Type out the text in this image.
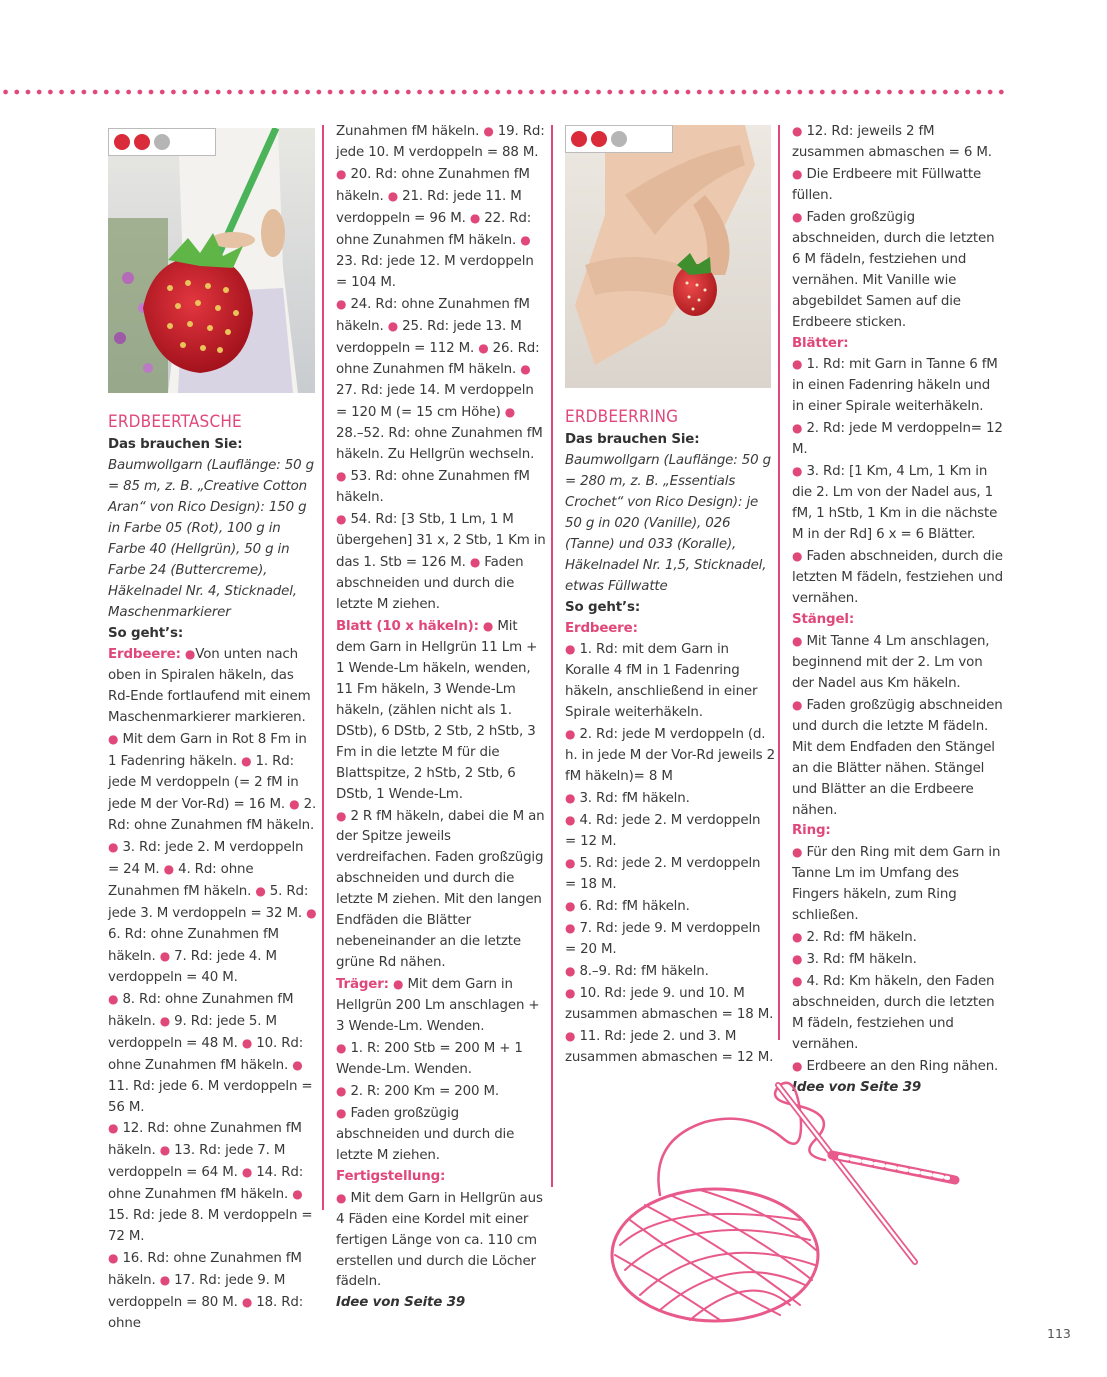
ERDBEERTASCHE

Das brauchen Sie:

Baumwollgarn (Lauflänge: 50 g = 85 m, z. B. „Creative Cotton Aran“ von Rico Design): 150 g in Farbe 05 (Rot), 100 g in Farbe 40 (Hellgrün), 50 g in Farbe 24 (Buttercreme), Häkelnadel Nr. 4, Sticknadel, Maschenmarkierer

So geht’s:

Erdbeere: ●Von unten nach oben in Spiralen häkeln, das Rd-Ende fortlaufend mit einem Maschenmarkierer markieren.

● Mit dem Garn in Rot 8 Fm in 1 Fadenring häkeln. ● 1. Rd: jede M verdoppeln (= 2 fM in jede M der Vor-Rd) = 16 M. ● 2. Rd: ohne Zunahmen fM häkeln.

● 3. Rd: jede 2. M verdoppeln = 24 M. ● 4. Rd: ohne Zunahmen fM häkeln. ● 5. Rd: jede 3. M verdoppeln = 32 M. ● 6. Rd: ohne Zunahmen fM häkeln. ● 7. Rd: jede 4. M verdoppeln = 40 M.

● 8. Rd: ohne Zunahmen fM häkeln. ● 9. Rd: jede 5. M verdoppeln = 48 M. ● 10. Rd: ohne Zunahmen fM häkeln. ● 11. Rd: jede 6. M verdoppeln = 56 M.

● 12. Rd: ohne Zunahmen fM häkeln. ● 13. Rd: jede 7. M verdoppeln = 64 M. ● 14. Rd: ohne Zunahmen fM häkeln. ● 15. Rd: jede 8. M verdoppeln = 72 M.

● 16. Rd: ohne Zunahmen fM häkeln. ● 17. Rd: jede 9. M verdoppeln = 80 M. ● 18. Rd: ohne

Zunahmen fM häkeln. ● 19. Rd: jede 10. M verdoppeln = 88 M. ● 20. Rd: ohne Zunahmen fM häkeln. ● 21. Rd: jede 11. M verdoppeln = 96 M. ● 22. Rd: ohne Zunahmen fM häkeln. ● 23. Rd: jede 12. M verdoppeln = 104 M.

● 24. Rd: ohne Zunahmen fM häkeln. ● 25. Rd: jede 13. M verdoppeln = 112 M. ● 26. Rd: ohne Zunahmen fM häkeln. ● 27. Rd: jede 14. M verdoppeln = 120 M (= 15 cm Höhe) ● 28.–52. Rd: ohne Zunahmen fM häkeln. Zu Hellgrün wechseln. ● 53. Rd: ohne Zunahmen fM häkeln.

● 54. Rd: [3 Stb, 1 Lm, 1 M übergehen] 31 x, 2 Stb, 1 Km in das 1. Stb = 126 M. ● Faden abschneiden und durch die letzte M ziehen.

Blatt (10 x häkeln): ● Mit dem Garn in Hellgrün 11 Lm + 1 Wende-Lm häkeln, wenden, 11 Fm häkeln, 3 Wende-Lm häkeln, (zählen nicht als 1. DStb), 6 DStb, 2 Stb, 2 hStb, 3 Fm in die letzte M für die Blattspitze, 2 hStb, 2 Stb, 6 DStb, 1 Wende-Lm.

● 2 R fM häkeln, dabei die M an der Spitze jeweils verdreifachen. Faden großzügig abschneiden und durch die letzte M ziehen. Mit den langen Endfäden die Blätter nebeneinander an die letzte grüne Rd nähen.

Träger: ● Mit dem Garn in Hellgrün 200 Lm anschlagen + 3 Wende-Lm. Wenden.

● 1. R: 200 Stb = 200 M + 1 Wende-Lm. Wenden.

● 2. R: 200 Km = 200 M.

● Faden großzügig abschneiden und durch die letzte M ziehen.

Fertigstellung:

● Mit dem Garn in Hellgrün aus 4 Fäden eine Kordel mit einer fertigen Länge von ca. 110 cm erstellen und durch die Löcher fädeln.

Idee von Seite 39

ERDBEERRING

Das brauchen Sie:

Baumwollgarn (Lauflänge: 50 g = 280 m, z. B. „Essentials Crochet“ von Rico Design): je 50 g in 020 (Vanille), 026 (Tanne) und 033 (Koralle), Häkelnadel Nr. 1,5, Sticknadel, etwas Füllwatte

So geht’s:

Erdbeere:

● 1. Rd: mit dem Garn in Koralle 4 fM in 1 Fadenring häkeln, anschließend in einer Spirale weiterhäkeln.

● 2. Rd: jede M verdoppeln (d. h. in jede M der Vor-Rd jeweils 2 fM häkeln)= 8 M

● 3. Rd: fM häkeln.

● 4. Rd: jede 2. M verdoppeln = 12 M.

● 5. Rd: jede 2. M verdoppeln = 18 M.

● 6. Rd: fM häkeln.

● 7. Rd: jede 9. M verdoppeln = 20 M.

● 8.–9. Rd: fM häkeln.

● 10. Rd: jede 9. und 10. M zusammen abmaschen = 18 M.

● 11. Rd: jede 2. und 3. M zusammen abmaschen = 12 M.

● 12. Rd: jeweils 2 fM zusammen abmaschen = 6 M.

● Die Erdbeere mit Füllwatte füllen.

● Faden großzügig abschneiden, durch die letzten 6 M fädeln, festziehen und vernähen. Mit Vanille wie abgebildet Samen auf die Erdbeere sticken.

Blätter:

● 1. Rd: mit Garn in Tanne 6 fM in einen Fadenring häkeln und in einer Spirale weiterhäkeln.

● 2. Rd: jede M verdoppeln= 12 M.

● 3. Rd: [1 Km, 4 Lm, 1 Km in die 2. Lm von der Nadel aus, 1 fM, 1 hStb, 1 Km in die nächste M in der Rd] 6 x = 6 Blätter.

● Faden abschneiden, durch die letzten M fädeln, festziehen und vernähen.

Stängel:

● Mit Tanne 4 Lm anschlagen, beginnend mit der 2. Lm von der Nadel aus Km häkeln.

● Faden großzügig abschneiden und durch die letzte M fädeln. Mit dem Endfaden den Stängel an die Blätter nähen. Stängel und Blätter an die Erdbeere nähen.

Ring:

● Für den Ring mit dem Garn in Tanne Lm im Umfang des Fingers häkeln, zum Ring schließen.

● 2. Rd: fM häkeln.

● 3. Rd: fM häkeln.

● 4. Rd: Km häkeln, den Faden abschneiden, durch die letzten M fädeln, festziehen und vernähen.

● Erdbeere an den Ring nähen.

Idee von Seite 39

113
